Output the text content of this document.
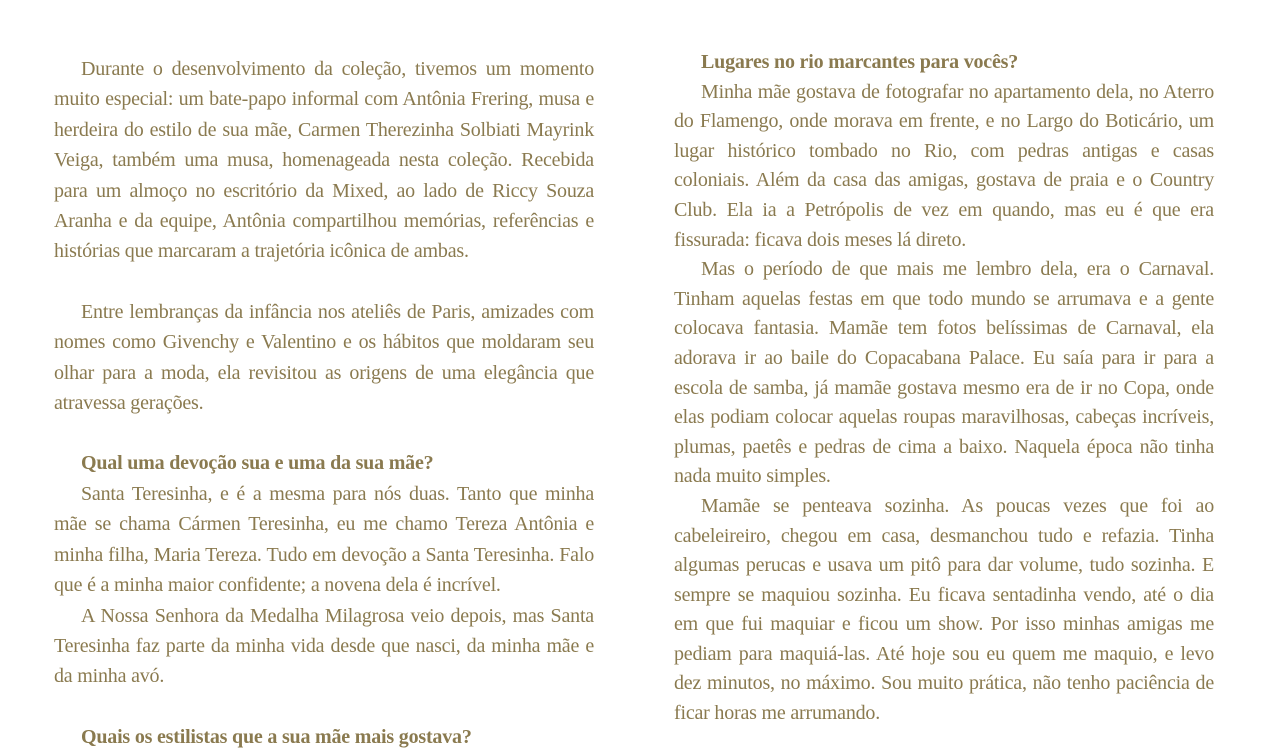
Durante o desenvolvimento da coleção, tivemos um momento muito especial: um bate-papo informal com Antônia Frering, musa e herdeira do estilo de sua mãe, Carmen Therezinha Solbiati Mayrink Veiga, também uma musa, homenageada nesta coleção. Recebida para um almoço no escritório da Mixed, ao lado de Riccy Souza Aranha e da equipe, Antônia compartilhou memórias, referências e histórias que marcaram a trajetória icônica de ambas.

Entre lembranças da infância nos ateliês de Paris, amizades com nomes como Givenchy e Valentino e os hábitos que moldaram seu olhar para a moda, ela revisitou as origens de uma elegância que atravessa gerações.

Qual uma devoção sua e uma da sua mãe?

Santa Teresinha, e é a mesma para nós duas. Tanto que minha mãe se chama Cármen Teresinha, eu me chamo Tereza Antônia e minha filha, Maria Tereza. Tudo em devoção a Santa Teresinha. Falo que é a minha maior confidente; a novena dela é incrível.

A Nossa Senhora da Medalha Milagrosa veio depois, mas Santa Teresinha faz parte da minha vida desde que nasci, da minha mãe e da minha avó.

Quais os estilistas que a sua mãe mais gostava?

Lugares no rio marcantes para vocês?

Minha mãe gostava de fotografar no apartamento dela, no Aterro do Flamengo, onde morava em frente, e no Largo do Boticário, um lugar histórico tombado no Rio, com pedras antigas e casas coloniais. Além da casa das amigas, gostava de praia e o Country Club. Ela ia a Petrópolis de vez em quando, mas eu é que era fissurada: ficava dois meses lá direto.

Mas o período de que mais me lembro dela, era o Carnaval. Tinham aquelas festas em que todo mundo se arrumava e a gente colocava fantasia. Mamãe tem fotos belíssimas de Carnaval, ela adorava ir ao baile do Copacabana Palace. Eu saía para ir para a escola de samba, já mamãe gostava mesmo era de ir no Copa, onde elas podiam colocar aquelas roupas maravilhosas, cabeças incríveis, plumas, paetês e pedras de cima a baixo. Naquela época não tinha nada muito simples.

Mamãe se penteava sozinha. As poucas vezes que foi ao cabeleireiro, chegou em casa, desmanchou tudo e refazia. Tinha algumas perucas e usava um pitô para dar volume, tudo sozinha. E sempre se maquiou sozinha. Eu ficava sentadinha vendo, até o dia em que fui maquiar e ficou um show. Por isso minhas amigas me pediam para maquiá-las. Até hoje sou eu quem me maquio, e levo dez minutos, no máximo. Sou muito prática, não tenho paciência de ficar horas me arrumando.
